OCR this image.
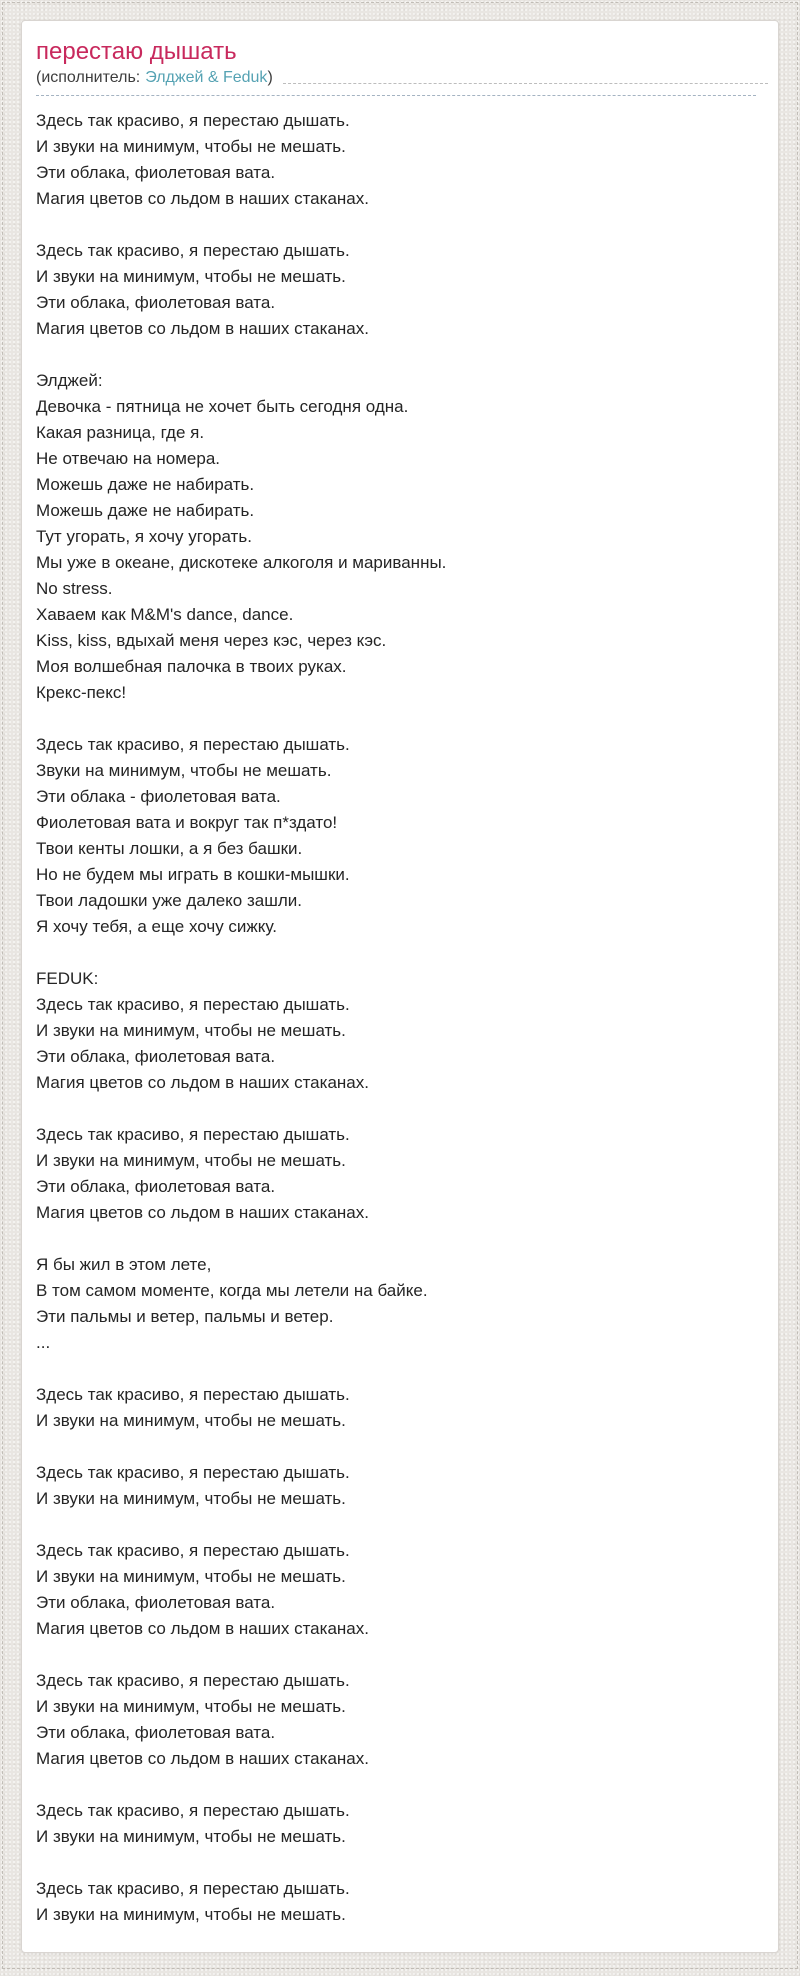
перестаю дышать
(исполнитель: Элджей & Feduk )
Здесь так красиво, я перестаю дышать.
И звуки на минимум, чтобы не мешать.
Эти облака, фиолетовая вата.
Магия цветов со льдом в наших стаканах.
Здесь так красиво, я перестаю дышать.
И звуки на минимум, чтобы не мешать.
Эти облака, фиолетовая вата.
Магия цветов со льдом в наших стаканах.
Элджей:
Девочка - пятница не хочет быть сегодня одна.
Какая разница, где я.
Не отвечаю на номера.
Можешь даже не набирать.
Можешь даже не набирать.
Тут угорать, я хочу угорать.
Мы уже в океане, дискотеке алкоголя и мариванны.
No stress.
Хаваем как M&M's dance, dance.
Kiss, kiss, вдыхай меня через кэс, через кэс.
Моя волшебная палочка в твоих руках.
Крекс-пекс!
Здесь так красиво, я перестаю дышать.
Звуки на минимум, чтобы не мешать.
Эти облака - фиолетовая вата.
Фиолетовая вата и вокруг так п*здато!
Твои кенты лошки, а я без башки.
Но не будем мы играть в кошки-мышки.
Твои ладошки уже далеко зашли.
Я хочу тебя, а еще хочу сижку.
FEDUK:
Здесь так красиво, я перестаю дышать.
И звуки на минимум, чтобы не мешать.
Эти облака, фиолетовая вата.
Магия цветов со льдом в наших стаканах.
Здесь так красиво, я перестаю дышать.
И звуки на минимум, чтобы не мешать.
Эти облака, фиолетовая вата.
Магия цветов со льдом в наших стаканах.
Я бы жил в этом лете,
В том самом моменте, когда мы летели на байке.
Эти пальмы и ветер, пальмы и ветер.
...
Здесь так красиво, я перестаю дышать.
И звуки на минимум, чтобы не мешать.
Здесь так красиво, я перестаю дышать.
И звуки на минимум, чтобы не мешать.
Здесь так красиво, я перестаю дышать.
И звуки на минимум, чтобы не мешать.
Эти облака, фиолетовая вата.
Магия цветов со льдом в наших стаканах.
Здесь так красиво, я перестаю дышать.
И звуки на минимум, чтобы не мешать.
Эти облака, фиолетовая вата.
Магия цветов со льдом в наших стаканах.
Здесь так красиво, я перестаю дышать.
И звуки на минимум, чтобы не мешать.
Здесь так красиво, я перестаю дышать.
И звуки на минимум, чтобы не мешать.
